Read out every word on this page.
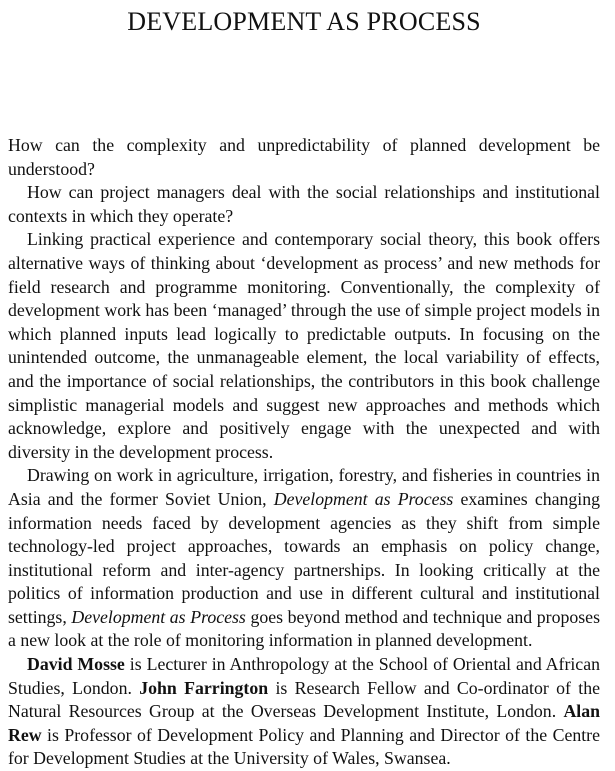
DEVELOPMENT AS PROCESS

How can the complexity and unpredictability of planned development be understood?

How can project managers deal with the social relationships and institutional contexts in which they operate?

Linking practical experience and contemporary social theory, this book offers alternative ways of thinking about ‘development as process’ and new methods for field research and programme monitoring. Conventionally, the complexity of development work has been ‘managed’ through the use of simple project models in which planned inputs lead logically to predictable outputs. In focusing on the unintended outcome, the unmanageable element, the local variability of effects, and the importance of social relationships, the contributors in this book challenge simplistic managerial models and suggest new approaches and methods which acknowledge, explore and positively engage with the unexpected and with diversity in the development process.

Drawing on work in agriculture, irrigation, forestry, and fisheries in countries in Asia and the former Soviet Union, Development as Process examines changing information needs faced by development agencies as they shift from simple technology-led project approaches, towards an emphasis on policy change, institutional reform and inter-agency partnerships. In looking critically at the politics of information production and use in different cultural and institutional settings, Development as Process goes beyond method and technique and proposes a new look at the role of monitoring information in planned development.

David Mosse is Lecturer in Anthropology at the School of Oriental and African Studies, London. John Farrington is Research Fellow and Co-ordinator of the Natural Resources Group at the Overseas Development Institute, London. Alan Rew is Professor of Development Policy and Planning and Director of the Centre for Development Studies at the University of Wales, Swansea.
